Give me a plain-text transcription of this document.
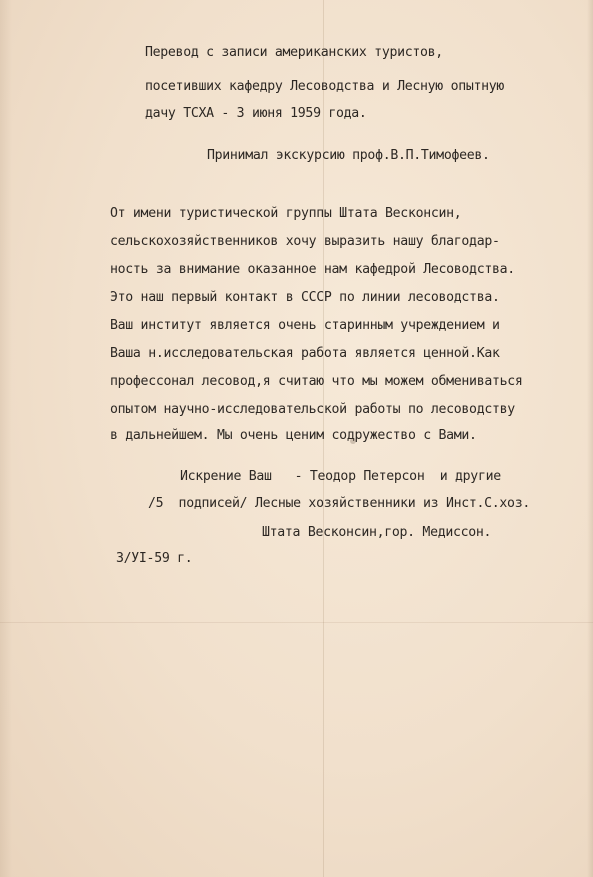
Перевод с записи американских туристов,
посетивших кафедру Лесоводства и Лесную опытную
дачу ТСХА - 3 июня 1959 года.
Принимал экскурсию проф.В.П.Тимофеев.
От имени туристической группы Штата Весконсин,
сельскохозяйственников хочу выразить нашу благодар-
ность за внимание оказанное нам кафедрой Лесоводства.
Это наш первый контакт в СССР по линии лесоводства.
Ваш институт является очень старинным учреждением и
Ваша н.исследовательская работа является ценной.Как
профессонал лесовод,я считаю что мы можем обмениваться
опытом научно-исследовательской работы по лесоводству
в дальнейшем. Мы очень ценим содружество с Вами.
Искрение Ваш   - Теодор Петерсон  и другие
/5  подписей/ Лесные хозяйственники из Инст.С.хоз.
Штата Весконсин,гор. Медиссон.
3/УI-59 г.
